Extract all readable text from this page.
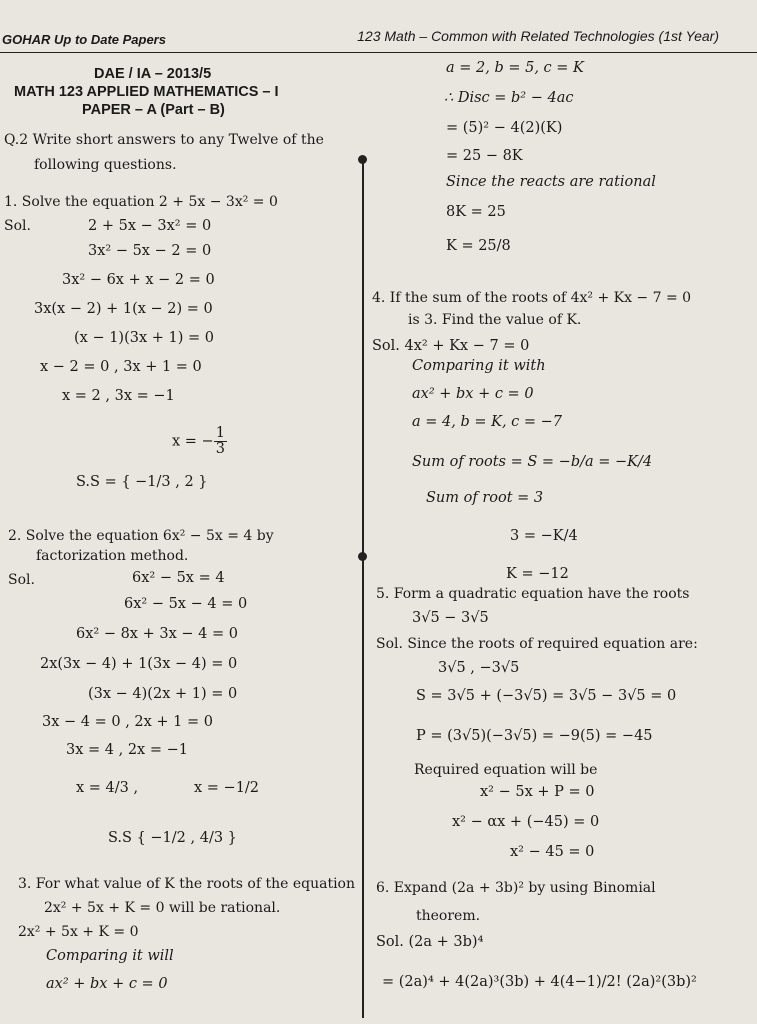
GOHAR Up to Date Papers	123 Math – Common with Related Technologies (1st Year)
DAE / IA – 2013/5
MATH 123 APPLIED MATHEMATICS – I
PAPER – A (Part – B)
Q.2 Write short answers to any Twelve of the
following questions.
1. Solve the equation 2 + 5x − 3x² = 0
Sol.	2 + 5x − 3x² = 0
3x² − 5x − 2 = 0
3x² − 6x + x − 2 = 0
3x(x − 2) + 1(x − 2) = 0
(x − 1)(3x + 1) = 0
x − 2 = 0 , 3x + 1 = 0
x = 2 , 3x = −1
x = − $\frac{1}{3}$
S.S = { −1/3 , 2 }
2. Solve the equation 6x² − 5x = 4 by
factorization method.
Sol.	6x² − 5x = 4
6x² − 5x − 4 = 0
6x² − 8x + 3x − 4 = 0
2x(3x − 4) + 1(3x − 4) = 0
(3x − 4)(2x + 1) = 0
3x − 4 = 0 , 2x + 1 = 0
3x = 4 , 2x = −1
x = 4/3 ,	x = −1/2
S.S { −1/2 , 4/3 }
3. For what value of K the roots of the equation
2x² + 5x + K = 0 will be rational.
2x² + 5x + K = 0
Comparing it will
ax² + bx + c = 0
a = 2, b = 5, c = K
∴ Disc = b² − 4ac
= (5)² − 4(2)(K)
= 25 − 8K
Since the reacts are rational
8K = 25
K = 25/8
4. If the sum of the roots of 4x² + Kx − 7 = 0
is 3. Find the value of K.
Sol. 4x² + Kx − 7 = 0
Comparing it with
ax² + bx + c = 0
a = 4, b = K, c = −7
Sum of roots = S = −b/a = −K/4
Sum of root = 3
3 = −K/4
K = −12
5. Form a quadratic equation have the roots
3√5 − 3√5
Sol. Since the roots of required equation are:
3√5 , −3√5
S = 3√5 + (−3√5) = 3√5 − 3√5 = 0
P = (3√5)(−3√5) = −9(5) = −45
Required equation will be
x² − 5x + P = 0
x² − αx + (−45) = 0
x² − 45 = 0
6. Expand (2a + 3b)² by using Binomial
theorem.
Sol. (2a + 3b)⁴
= (2a)⁴ + 4(2a)³(3b) + 4(4−1)/2! (2a)²(3b)²
